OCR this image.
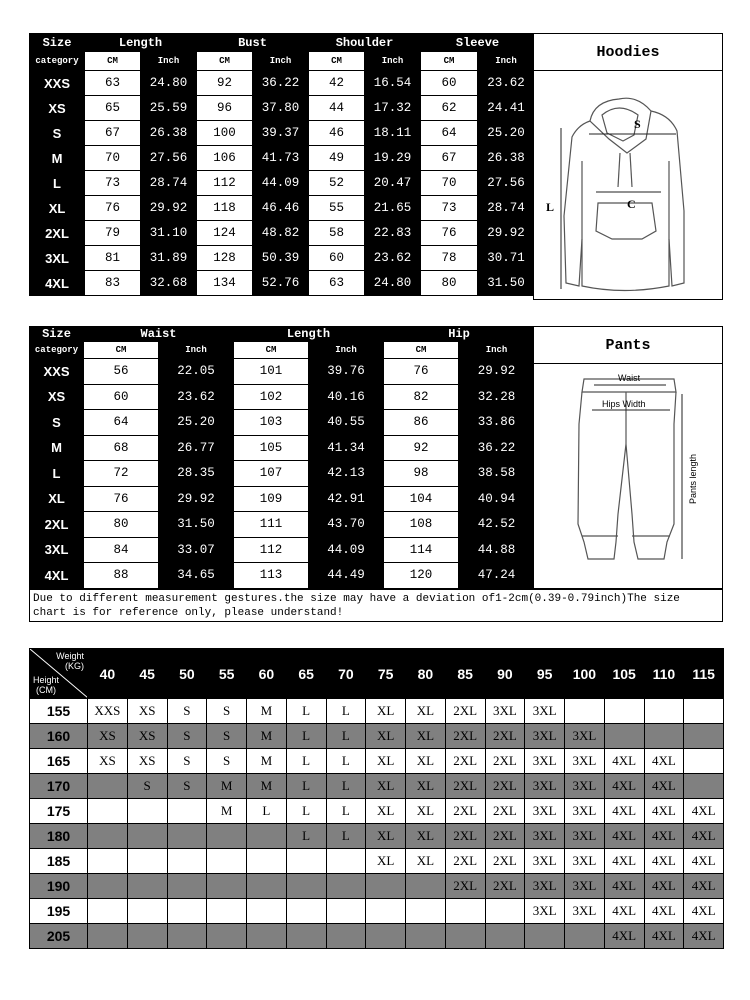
Size	Length		Bust		Shoulder		Sleeve	
category	CM	Inch	CM	Inch	CM	Inch	CM	Inch
XXS	63	24.80	92	36.22	42	16.54	60	23.62
XS	65	25.59	96	37.80	44	17.32	62	24.41
S	67	26.38	100	39.37	46	18.11	64	25.20
M	70	27.56	106	41.73	49	19.29	67	26.38
L	73	28.74	112	44.09	52	20.47	70	27.56
XL	76	29.92	118	46.46	55	21.65	73	28.74
2XL	79	31.10	124	48.82	58	22.83	76	29.92
3XL	81	31.89	128	50.39	60	23.62	78	30.71
4XL	83	32.68	134	52.76	63	24.80	80	31.50
Hoodies
S
C
L
Size	Waist		Length		Hip	
category	CM	Inch	CM	Inch	CM	Inch
XXS	56	22.05	101	39.76	76	29.92
XS	60	23.62	102	40.16	82	32.28
S	64	25.20	103	40.55	86	33.86
M	68	26.77	105	41.34	92	36.22
L	72	28.35	107	42.13	98	38.58
XL	76	29.92	109	42.91	104	40.94
2XL	80	31.50	111	43.70	108	42.52
3XL	84	33.07	112	44.09	114	44.88
4XL	88	34.65	113	44.49	120	47.24
Pants
Waist
Hips Width
Pants length
Due to different measurement gestures.the size may have a deviation of1-2cm(0.39-0.79inch)The size chart is for reference only, please understand!
Weight
(KG)
Height
(CM)	40	45	50	55	60	65	70	75	80	85	90	95	100	105	110	115
155	XXS	XS	S	S	M	L	L	XL	XL	2XL	3XL	3XL				
160	XS	XS	S	S	M	L	L	XL	XL	2XL	2XL	3XL	3XL			
165	XS	XS	S	S	M	L	L	XL	XL	2XL	2XL	3XL	3XL	4XL	4XL	
170		S	S	M	M	L	L	XL	XL	2XL	2XL	3XL	3XL	4XL	4XL	
175				M	L	L	L	XL	XL	2XL	2XL	3XL	3XL	4XL	4XL	4XL
180						L	L	XL	XL	2XL	2XL	3XL	3XL	4XL	4XL	4XL
185								XL	XL	2XL	2XL	3XL	3XL	4XL	4XL	4XL
190										2XL	2XL	3XL	3XL	4XL	4XL	4XL
195												3XL	3XL	4XL	4XL	4XL
205														4XL	4XL	4XL
